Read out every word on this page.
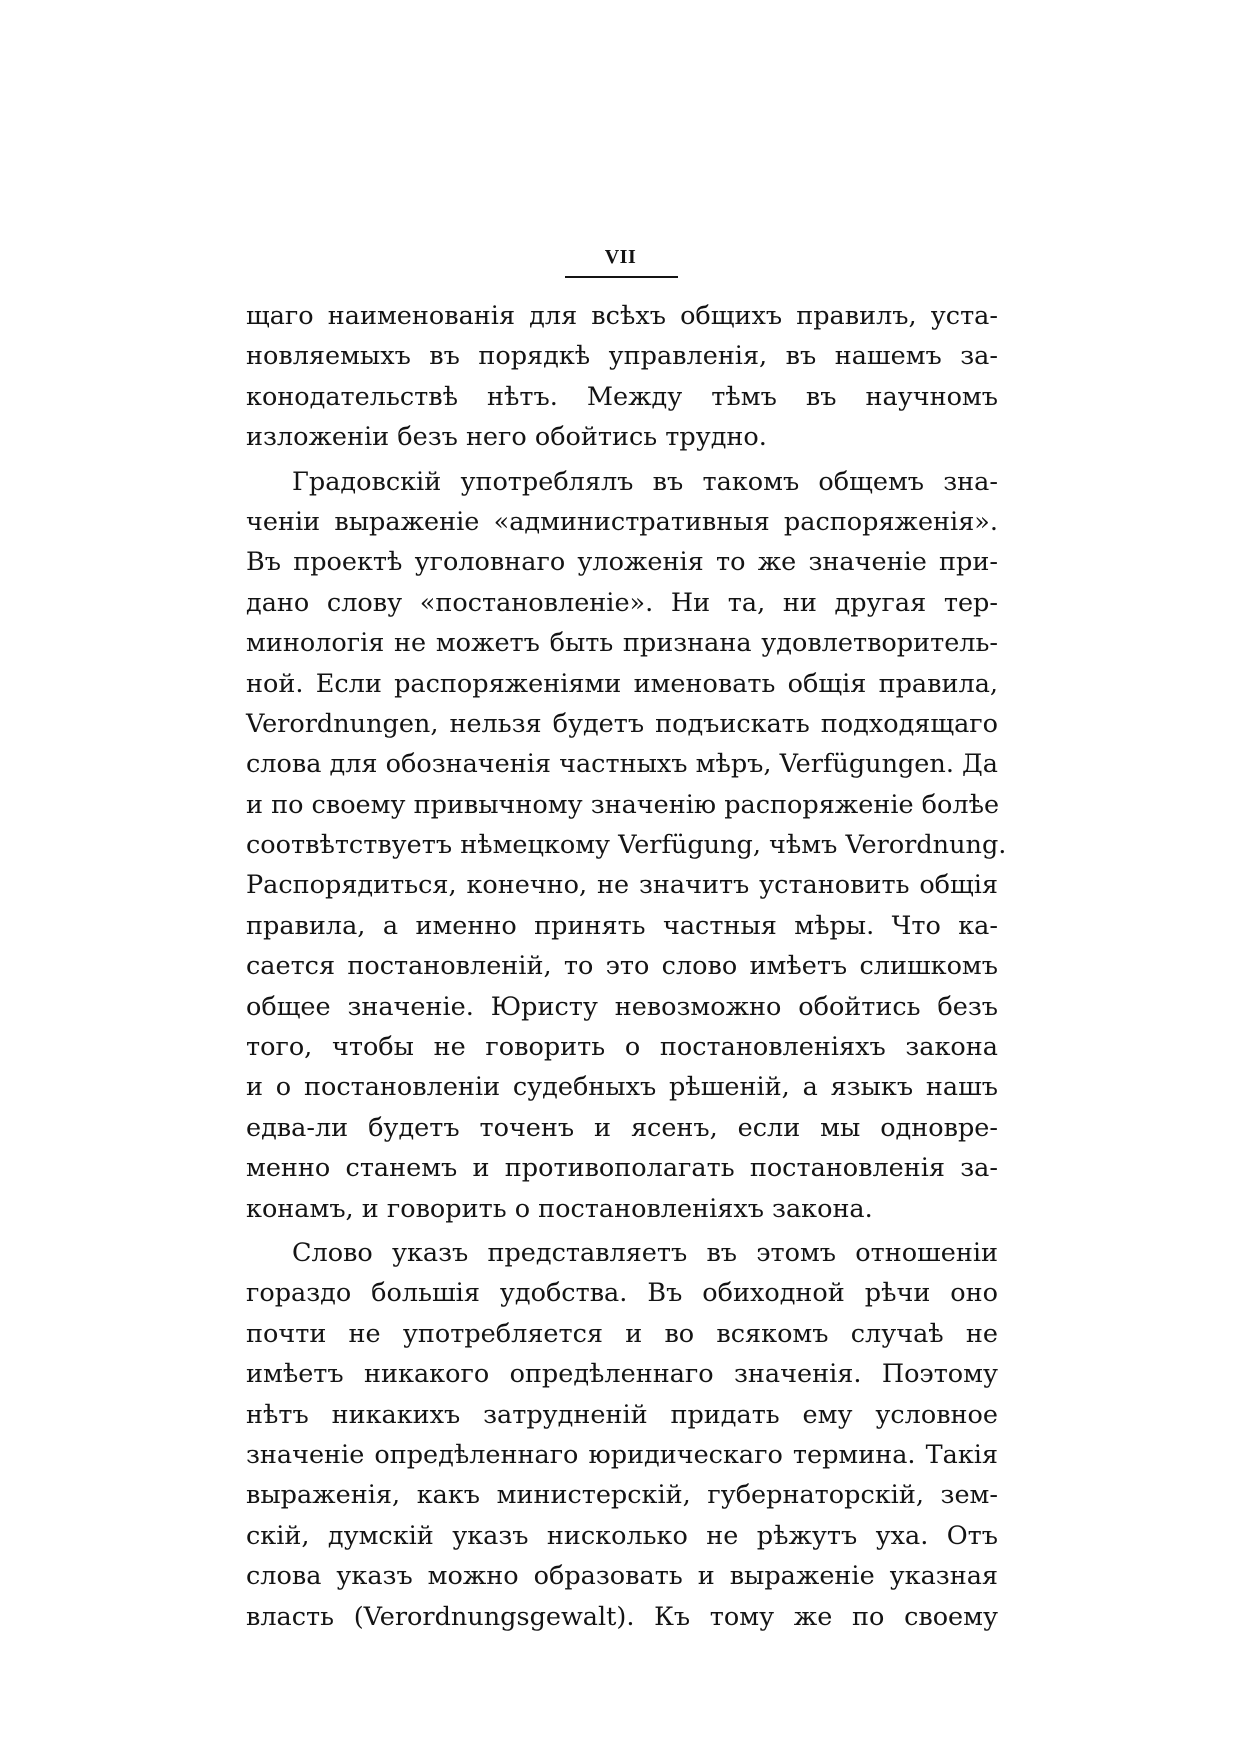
VII
щаго наименованія для всѣхъ общихъ правилъ, уста-
новляемыхъ въ порядкѣ управленія, въ нашемъ за-
конодательствѣ нѣтъ. Между тѣмъ въ научномъ
изложеніи безъ него обойтись трудно.
Градовскій употреблялъ въ такомъ общемъ зна-
ченіи выраженіе «административныя распоряженія».
Въ проектѣ уголовнаго уложенія то же значеніе при-
дано слову «постановленіе». Ни та, ни другая тер-
минологія не можетъ быть признана удовлетворитель-
ной. Если распоряженіями именовать общія правила,
Verordnungen, нельзя будетъ подъискать подходящаго
слова для обозначенія частныхъ мѣръ, Verfügungen. Да
и по своему привычному значенію распоряженіе болѣе
соотвѣтствуетъ нѣмецкому Verfügung, чѣмъ Verordnung.
Распорядиться, конечно, не значитъ установить общія
правила, а именно принять частныя мѣры. Что ка-
сается постановленій, то это слово имѣетъ слишкомъ
общее значеніе. Юристу невозможно обойтись безъ
того, чтобы не говорить о постановленіяхъ закона
и о постановленіи судебныхъ рѣшеній, а языкъ нашъ
едва-ли будетъ точенъ и ясенъ, если мы одновре-
менно станемъ и противополагать постановленія за-
конамъ, и говорить о постановленіяхъ закона.
Слово указъ представляетъ въ этомъ отношеніи
гораздо большія удобства. Въ обиходной рѣчи оно
почти не употребляется и во всякомъ случаѣ не
имѣетъ никакого опредѣленнаго значенія. Поэтому
нѣтъ никакихъ затрудненій придать ему условное
значеніе опредѣленнаго юридическаго термина. Такія
выраженія, какъ министерскій, губернаторскій, зем-
скій, думскій указъ нисколько не рѣжутъ уха. Отъ
слова указъ можно образовать и выраженіе указная
власть (Verordnungsgewalt). Къ тому же по своему
